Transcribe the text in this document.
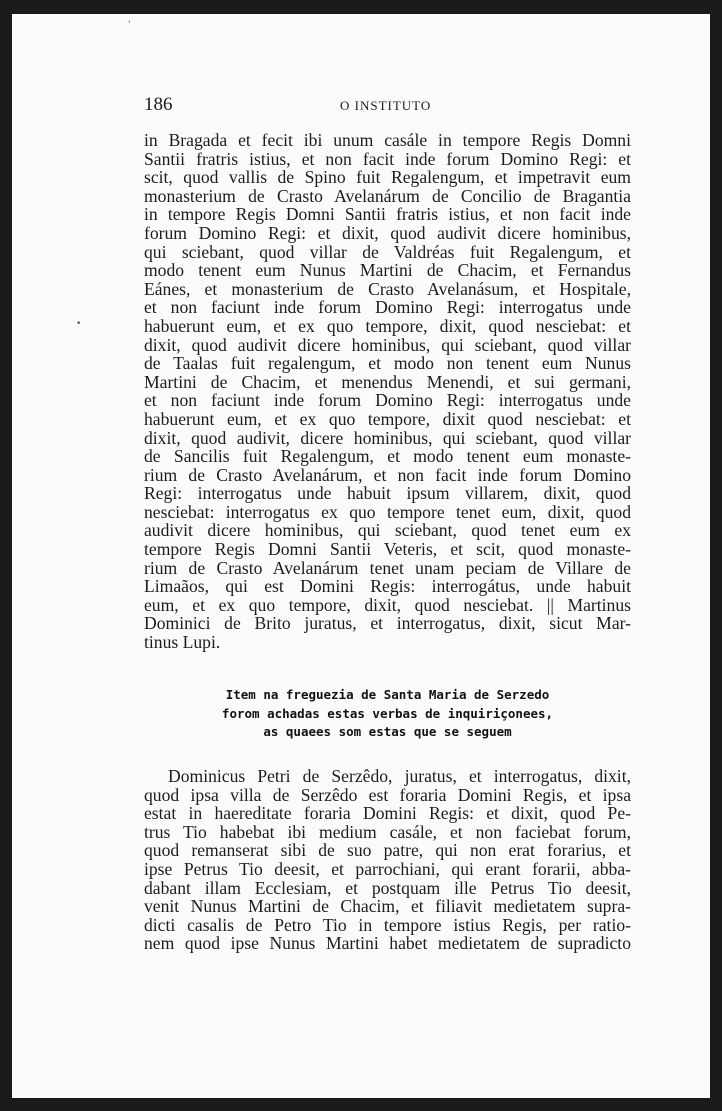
186	O INSTITUTO
in Bragada et fecit ibi unum casále in tempore Regis Domni
Santii fratris istius, et non facit inde forum Domino Regi: et
scit, quod vallis de Spino fuit Regalengum, et impetravit eum
monasterium de Crasto Avelanárum de Concilio de Bragantia
in tempore Regis Domni Santii fratris istius, et non facit inde
forum Domino Regi: et dixit, quod audivit dicere hominibus,
qui sciebant, quod villar de Valdréas fuit Regalengum, et
modo tenent eum Nunus Martini de Chacim, et Fernandus
Eánes, et monasterium de Crasto Avelanásum, et Hospitale,
et non faciunt inde forum Domino Regi: interrogatus unde
habuerunt eum, et ex quo tempore, dixit, quod nesciebat: et
dixit, quod audivit dicere hominibus, qui sciebant, quod villar
de Taalas fuit regalengum, et modo non tenent eum Nunus
Martini de Chacim, et menendus Menendi, et sui germani,
et non faciunt inde forum Domino Regi: interrogatus unde
habuerunt eum, et ex quo tempore, dixit quod nesciebat: et
dixit, quod audivit, dicere hominibus, qui sciebant, quod villar
de Sancilis fuit Regalengum, et modo tenent eum monaste-
rium de Crasto Avelanárum, et non facit inde forum Domino
Regi: interrogatus unde habuit ipsum villarem, dixit, quod
nesciebat: interrogatus ex quo tempore tenet eum, dixit, quod
audivit dicere hominibus, qui sciebant, quod tenet eum ex
tempore Regis Domni Santii Veteris, et scit, quod monaste-
rium de Crasto Avelanárum tenet unam peciam de Villare de
Limaãos, qui est Domini Regis: interrogátus, unde habuit
eum, et ex quo tempore, dixit, quod nesciebat. || Martinus
Dominici de Brito juratus, et interrogatus, dixit, sicut Mar-
tinus Lupi.
Item na freguezia de Santa Maria de Serzedo
forom achadas estas verbas de inquiriçonees,
as quaees som estas que se seguem
Dominicus Petri de Serzêdo, juratus, et interrogatus, dixit,
quod ipsa villa de Serzêdo est foraria Domini Regis, et ipsa
estat in haereditate foraria Domini Regis: et dixit, quod Pe-
trus Tio habebat ibi medium casále, et non faciebat forum,
quod remanserat sibi de suo patre, qui non erat forarius, et
ipse Petrus Tio deesit, et parrochiani, qui erant forarii, abba-
dabant illam Ecclesiam, et postquam ille Petrus Tio deesit,
venit Nunus Martini de Chacim, et filiavit medietatem supra-
dicti casalis de Petro Tio in tempore istius Regis, per ratio-
nem quod ipse Nunus Martini habet medietatem de supradicto
•
'
